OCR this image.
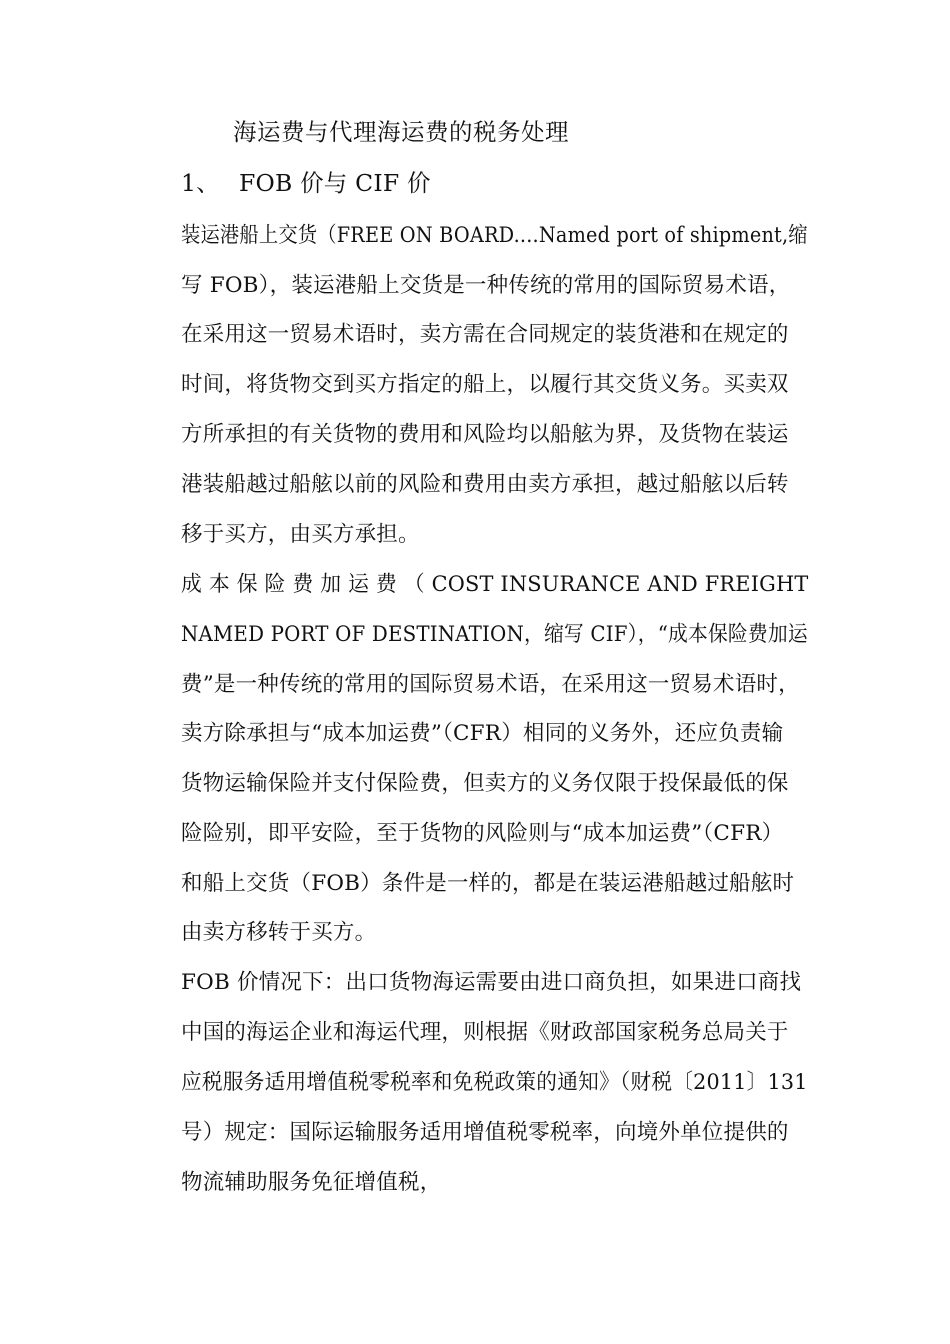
海运费与代理海运费的税务处理
1、 FOB 价与 CIF 价
装运港船上交货（FREE ON BOARD....Named port of shipment,缩
写 FOB），装运港船上交货是一种传统的常用的国际贸易术语，
在采用这一贸易术语时，卖方需在合同规定的装货港和在规定的
时间，将货物交到买方指定的船上，以履行其交货义务。买卖双
方所承担的有关货物的费用和风险均以船舷为界，及货物在装运
港装船越过船舷以前的风险和费用由卖方承担，越过船舷以后转
移于买方，由买方承担。
成 本 保 险 费 加 运 费 （ COST INSURANCE AND FREIGHT
NAMED PORT OF DESTINATION，缩写 CIF），“成本保险费加运
费”是一种传统的常用的国际贸易术语，在采用这一贸易术语时，
卖方除承担与“成本加运费”（CFR）相同的义务外，还应负责输
货物运输保险并支付保险费，但卖方的义务仅限于投保最低的保
险险别，即平安险，至于货物的风险则与“成本加运费”（CFR）
和船上交货（FOB）条件是一样的，都是在装运港船越过船舷时
由卖方移转于买方。
FOB 价情况下：出口货物海运需要由进口商负担，如果进口商找
中国的海运企业和海运代理，则根据《财政部国家税务总局关于
应税服务适用增值税零税率和免税政策的通知》（财税〔2011〕131
号）规定：国际运输服务适用增值税零税率，向境外单位提供的
物流辅助服务免征增值税，
